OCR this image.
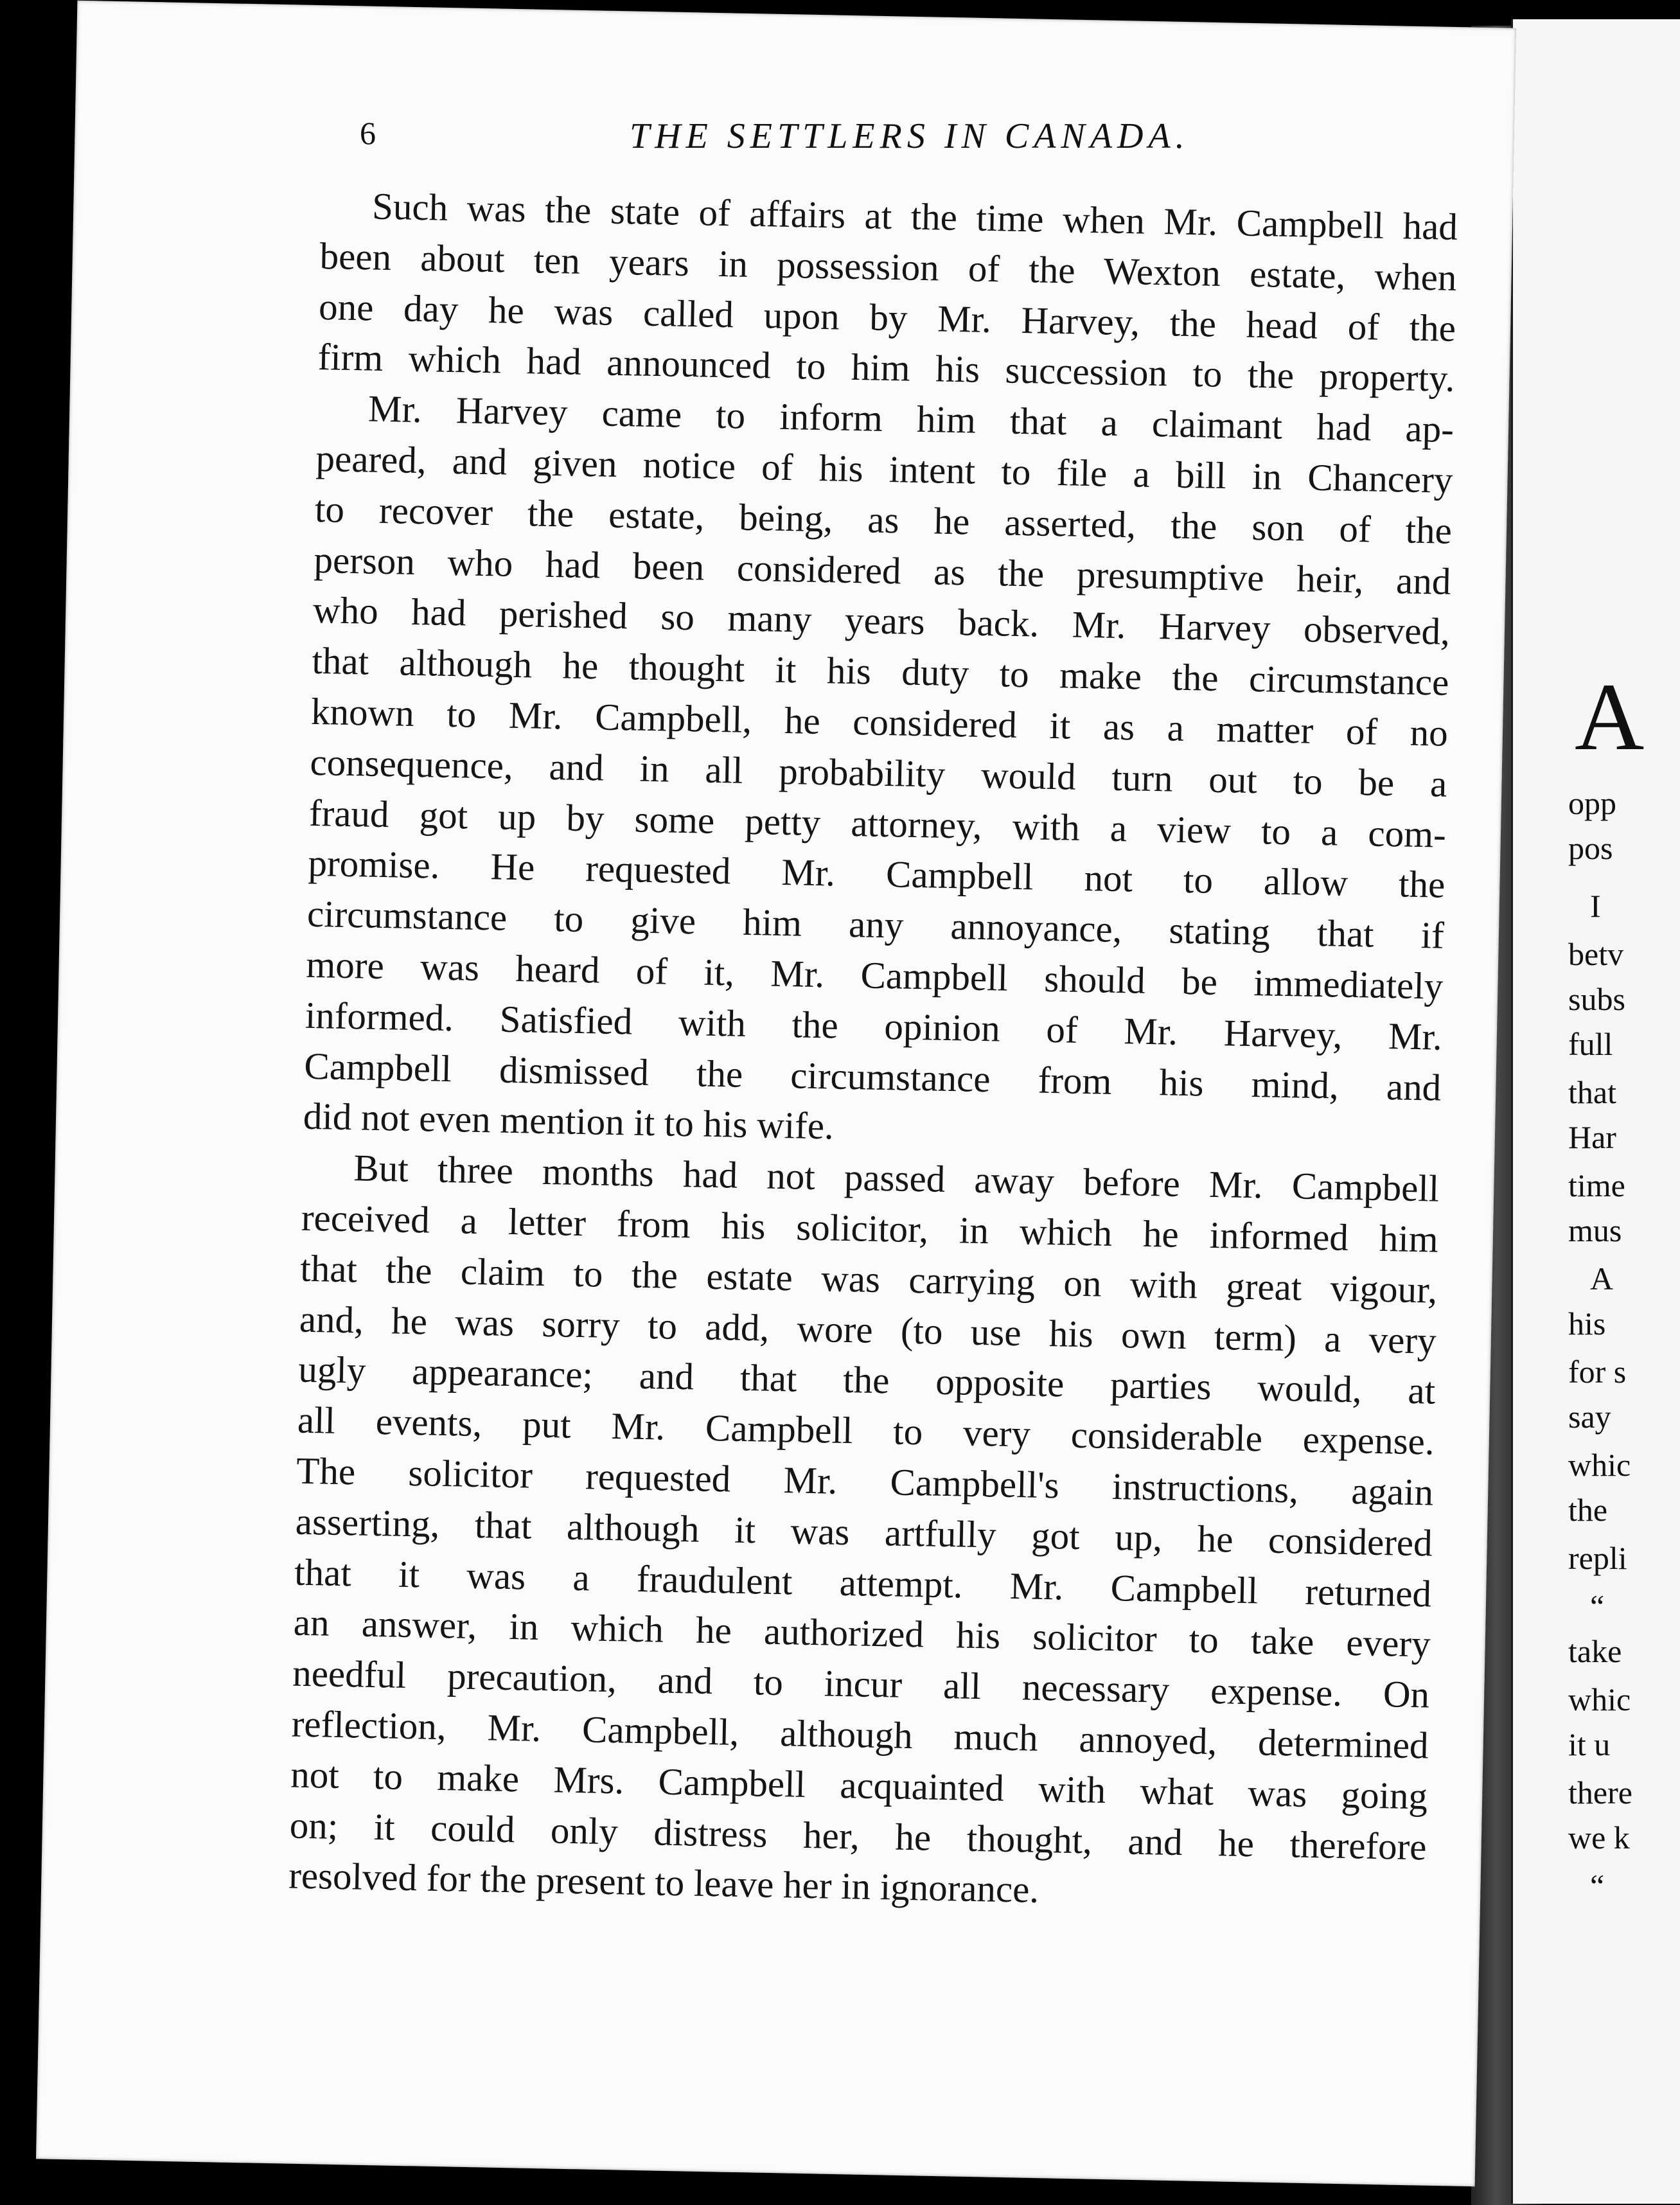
A
opp
pos
I
betv
subs
full
that
Har
time
mus
A
his
for s
say
whic
the
repli
“
take
whic
it u
there
we k
“
6	THE SETTLERS IN CANADA.

Such was the state of affairs at the time when Mr. Campbell had
been about ten years in possession of the Wexton estate, when
one day he was called upon by Mr. Harvey, the head of the
firm which had announced to him his succession to the property.

Mr. Harvey came to inform him that a claimant had ap-
peared, and given notice of his intent to file a bill in Chancery
to recover the estate, being, as he asserted, the son of the
person who had been considered as the presumptive heir, and
who had perished so many years back. Mr. Harvey observed,
that although he thought it his duty to make the circumstance
known to Mr. Campbell, he considered it as a matter of no
consequence, and in all probability would turn out to be a
fraud got up by some petty attorney, with a view to a com-
promise. He requested Mr. Campbell not to allow the
circumstance to give him any annoyance, stating that if
more was heard of it, Mr. Campbell should be immediately
informed. Satisfied with the opinion of Mr. Harvey, Mr.
Campbell dismissed the circumstance from his mind, and
did not even mention it to his wife.

But three months had not passed away before Mr. Campbell
received a letter from his solicitor, in which he informed him
that the claim to the estate was carrying on with great vigour,
and, he was sorry to add, wore (to use his own term) a very
ugly appearance; and that the opposite parties would, at
all events, put Mr. Campbell to very considerable expense.
The solicitor requested Mr. Campbell's instructions, again
asserting, that although it was artfully got up, he considered
that it was a fraudulent attempt. Mr. Campbell returned
an answer, in which he authorized his solicitor to take every
needful precaution, and to incur all necessary expense. On
reflection, Mr. Campbell, although much annoyed, determined
not to make Mrs. Campbell acquainted with what was going
on; it could only distress her, he thought, and he therefore
resolved for the present to leave her in ignorance.
